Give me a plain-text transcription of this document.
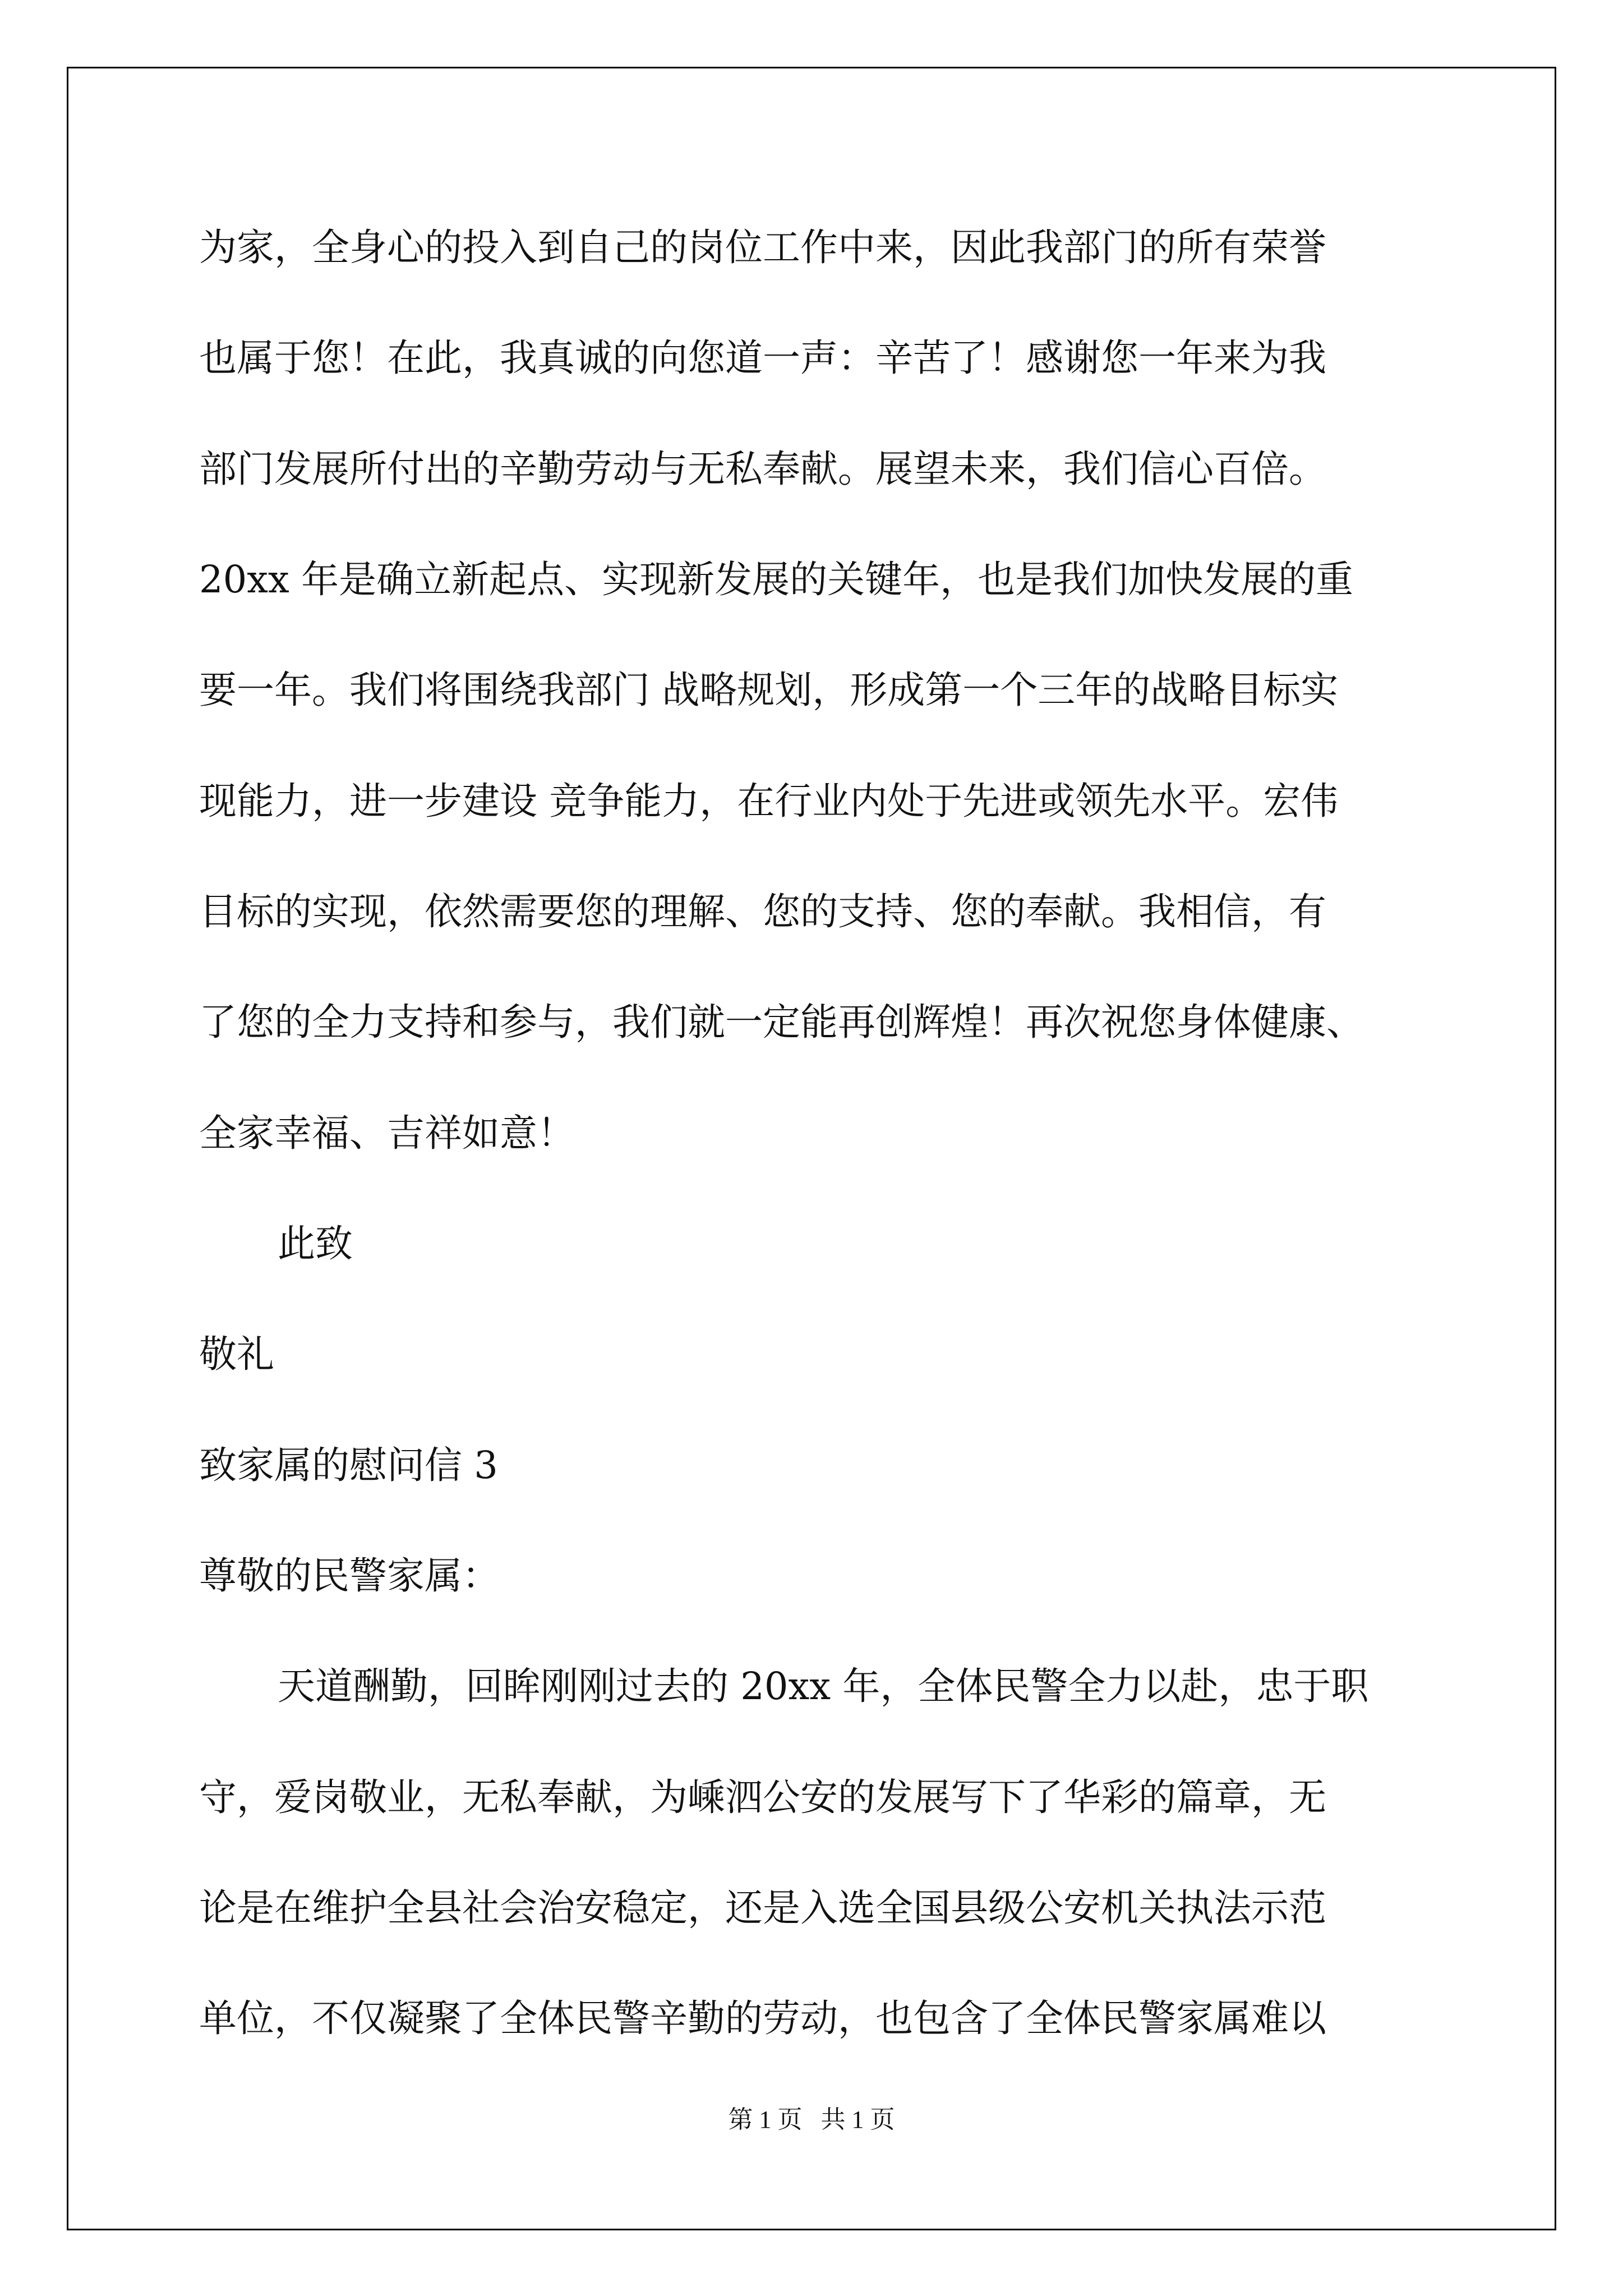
为家，全身心的投入到自己的岗位工作中来，因此我部门的所有荣誉

也属于您！在此，我真诚的向您道一声：辛苦了！感谢您一年来为我

部门发展所付出的辛勤劳动与无私奉献。展望未来，我们信心百倍。

20xx 年是确立新起点、实现新发展的关键年，也是我们加快发展的重

要一年。我们将围绕我部门 战略规划，形成第一个三年的战略目标实

现能力，进一步建设 竞争能力，在行业内处于先进或领先水平。宏伟

目标的实现，依然需要您的理解、您的支持、您的奉献。我相信，有

了您的全力支持和参与，我们就一定能再创辉煌！再次祝您身体健康、

全家幸福、吉祥如意！

此致

敬礼

致家属的慰问信 3

尊敬的民警家属：

天道酬勤，回眸刚刚过去的 20xx 年，全体民警全力以赴，忠于职

守，爱岗敬业，无私奉献，为嵊泗公安的发展写下了华彩的篇章，无

论是在维护全县社会治安稳定，还是入选全国县级公安机关执法示范

单位，不仅凝聚了全体民警辛勤的劳动，也包含了全体民警家属难以

第 1 页   共 1 页
